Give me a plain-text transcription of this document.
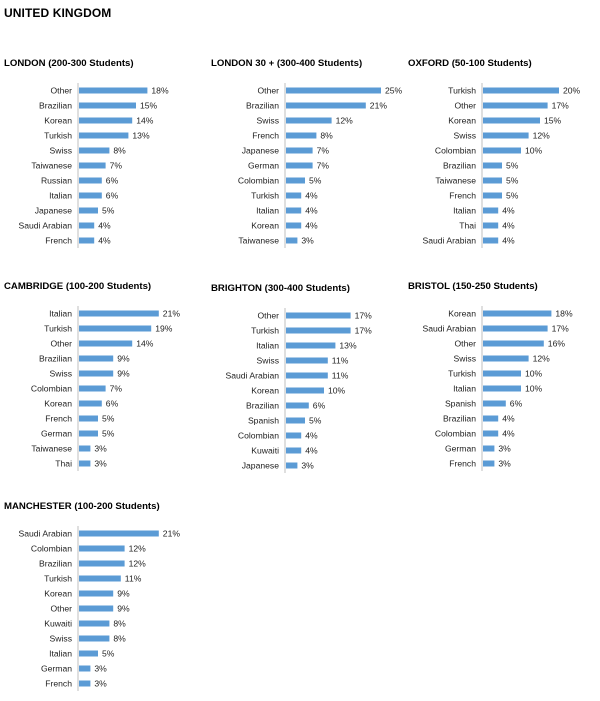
UNITED KINGDOM
LONDON (200-300 Students)
Other	18%
Brazilian	15%
Korean	14%
Turkish	13%
Swiss	8%
Taiwanese	7%
Russian	6%
Italian	6%
Japanese	5%
Saudi Arabian	4%
French	4%
LONDON 30 + (300-400 Students)
Other	25%
Brazilian	21%
Swiss	12%
French	8%
Japanese	7%
German	7%
Colombian	5%
Turkish	4%
Italian	4%
Korean	4%
Taiwanese	3%
OXFORD (50-100 Students)
Turkish	20%
Other	17%
Korean	15%
Swiss	12%
Colombian	10%
Brazilian	5%
Taiwanese	5%
French	5%
Italian	4%
Thai	4%
Saudi Arabian	4%
CAMBRIDGE (100-200 Students)
Italian	21%
Turkish	19%
Other	14%
Brazilian	9%
Swiss	9%
Colombian	7%
Korean	6%
French	5%
German	5%
Taiwanese	3%
Thai	3%
BRIGHTON (300-400 Students)
Other	17%
Turkish	17%
Italian	13%
Swiss	11%
Saudi Arabian	11%
Korean	10%
Brazilian	6%
Spanish	5%
Colombian	4%
Kuwaiti	4%
Japanese	3%
BRISTOL (150-250 Students)
Korean	18%
Saudi Arabian	17%
Other	16%
Swiss	12%
Turkish	10%
Italian	10%
Spanish	6%
Brazilian	4%
Colombian	4%
German	3%
French	3%
MANCHESTER (100-200 Students)
Saudi Arabian	21%
Colombian	12%
Brazilian	12%
Turkish	11%
Korean	9%
Other	9%
Kuwaiti	8%
Swiss	8%
Italian	5%
German	3%
French	3%
